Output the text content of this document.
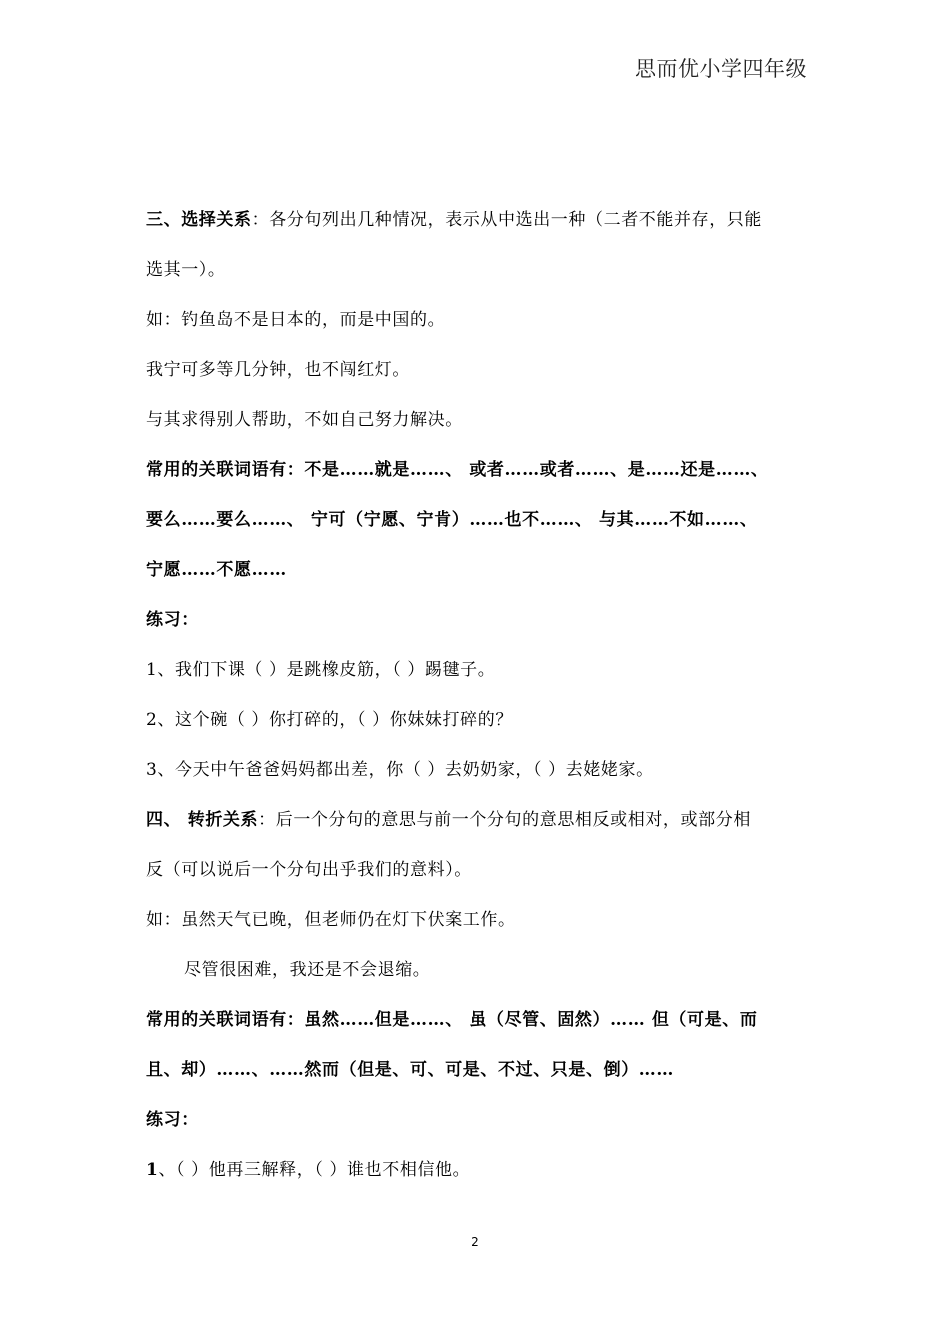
思而优小学四年级
三、选择关系：各分句列出几种情况，表示从中选出一种（二者不能并存，只能
选其一）。
如：钓鱼岛不是日本的，而是中国的。
我宁可多等几分钟，也不闯红灯。
与其求得别人帮助，不如自己努力解决。
常用的关联词语有：不是……就是……、 或者……或者……、是……还是……、
要么……要么……、 宁可（宁愿、宁肯）……也不……、 与其……不如……、
宁愿……不愿……
练习：
1、我们下课（ ）是跳橡皮筋，（ ）踢毽子。
2、这个碗（ ）你打碎的，（ ）你妹妹打碎的？
3、今天中午爸爸妈妈都出差，你（ ）去奶奶家，（ ）去姥姥家。
四、 转折关系：后一个分句的意思与前一个分句的意思相反或相对，或部分相
反（可以说后一个分句出乎我们的意料）。
如：虽然天气已晚，但老师仍在灯下伏案工作。
尽管很困难，我还是不会退缩。
常用的关联词语有：虽然……但是……、 虽（尽管、固然）…… 但（可是、而
且、却）……、……然而（但是、可、可是、不过、只是、倒）……
练习：
1、（ ）他再三解释，（ ）谁也不相信他。
2
